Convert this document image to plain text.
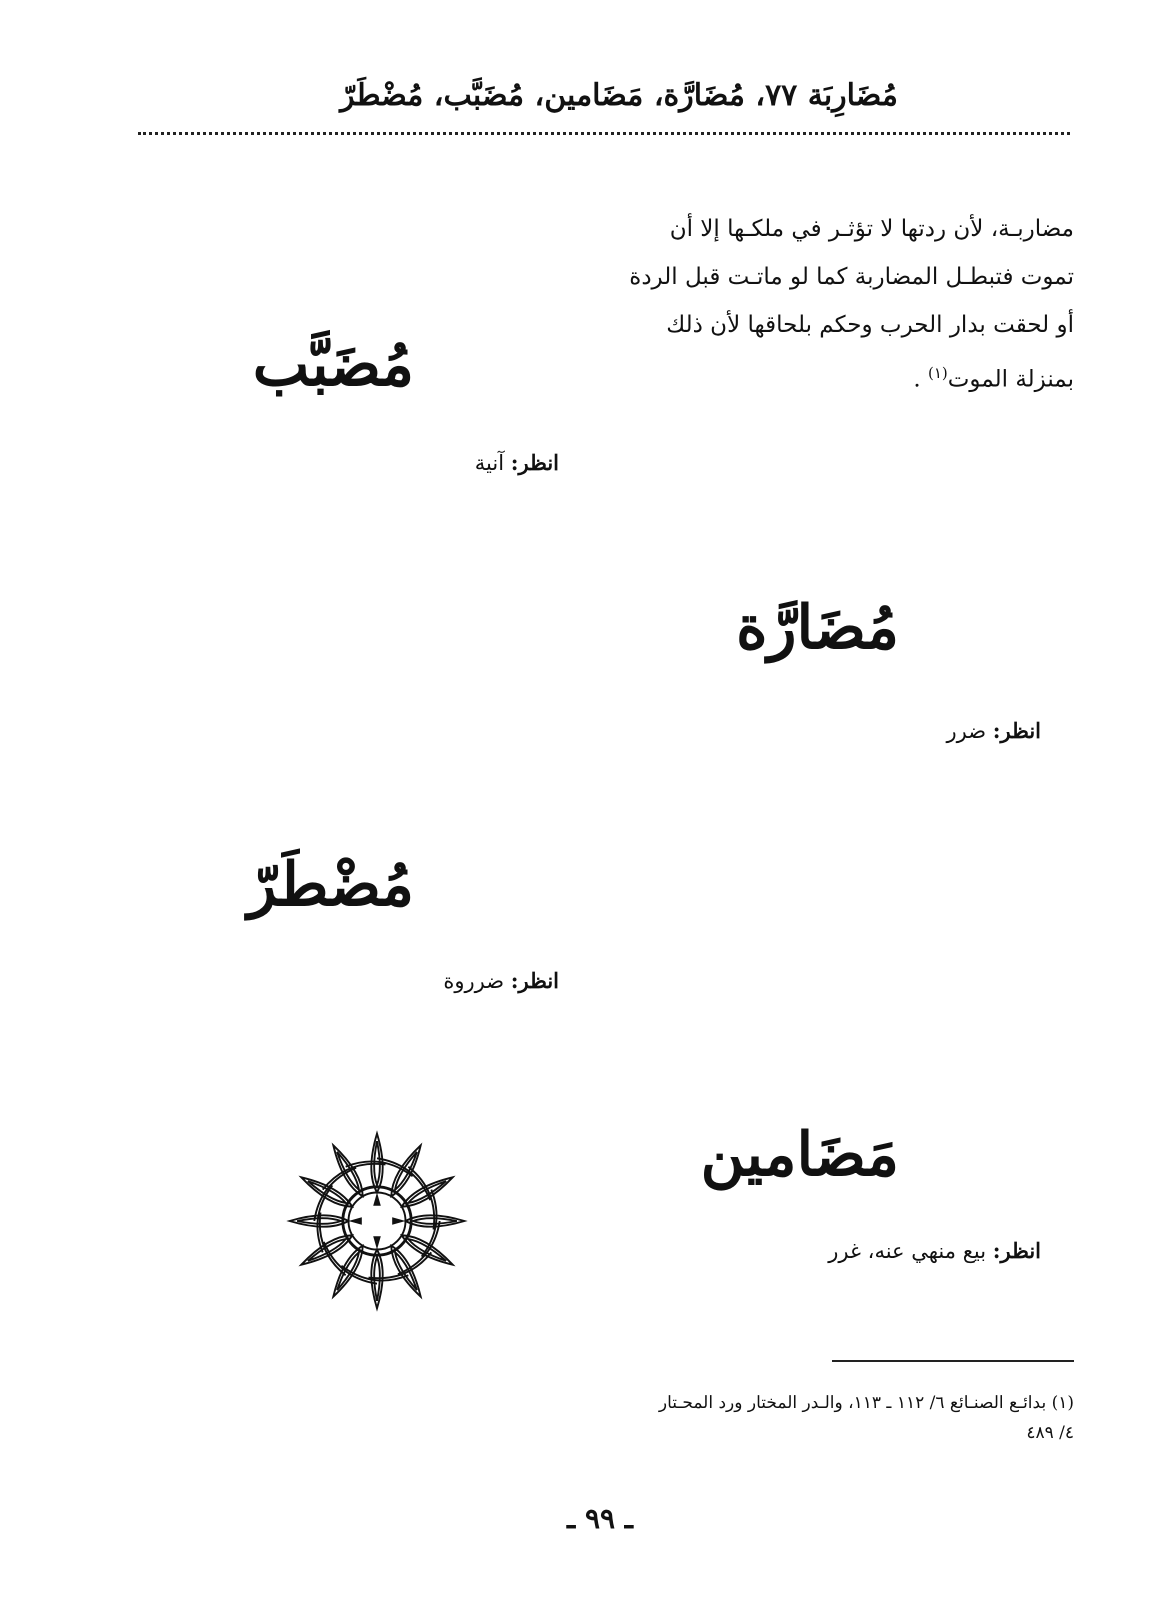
مُضَارِبَة ٧٧، مُضَارَّة، مَضَامين، مُضَبَّب، مُضْطَرّ
مضاربـة، لأن ردتها لا تؤثـر في ملكـها إلا أن
تموت فتبطـل المضاربة كما لو ماتـت قبل الردة
أو لحقت بدار الحرب وحكم بلحاقها لأن ذلك
بمنزلة الموت$^{(١)}$ .
مُضَبَّب
انظر: آنية
مُضَارَّة
انظر: ضرر
مُضْطَرّ
انظر: ضرروة
مَضَامين
انظر: بيع منهي عنه، غرر
(١) بدائـع الصنـائع ٦/ ١١٢ ـ ١١٣، والـدر المختار ورد المحـتار
٤/ ٤٨٩
ـ ٩٩ ـ
